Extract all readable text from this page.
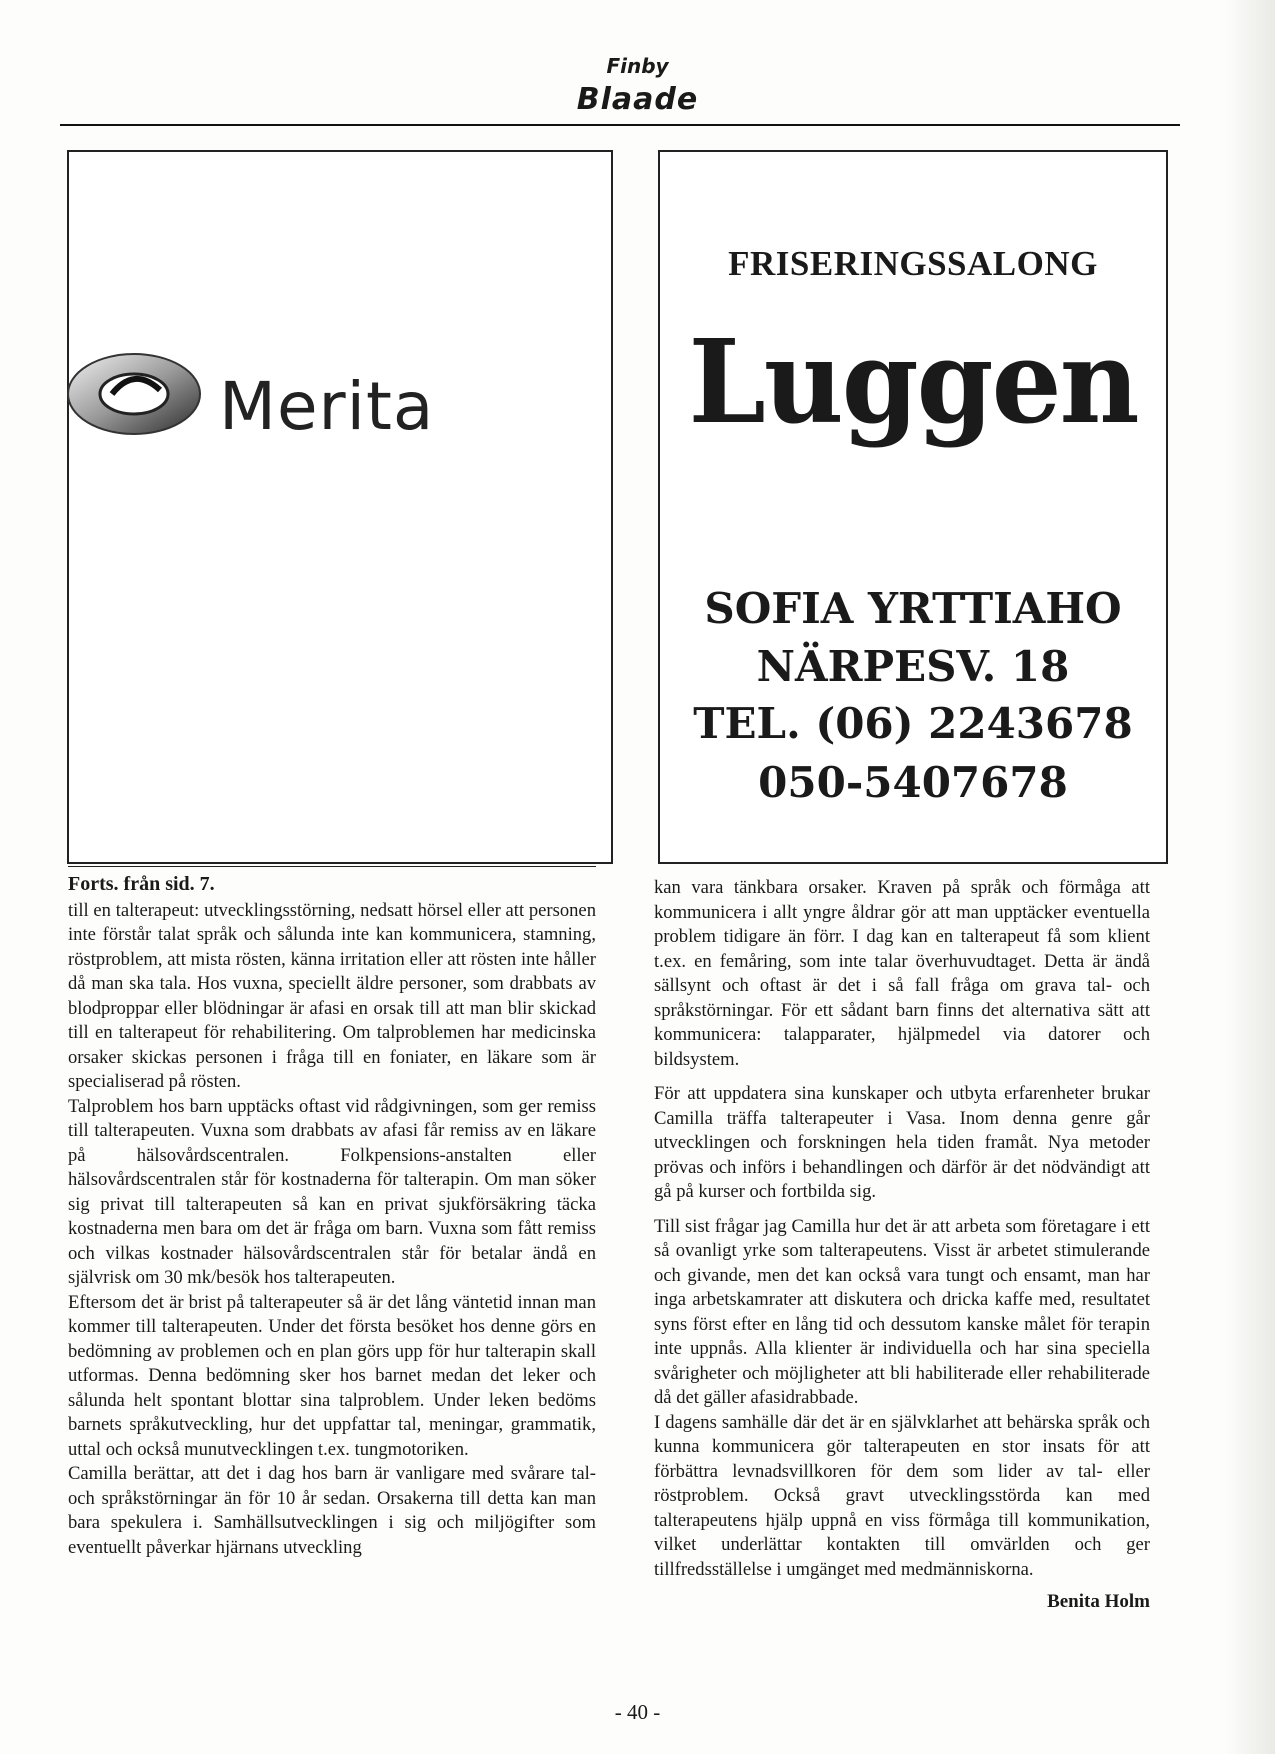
Finby
Blaade
Merita
FRISERINGSSALONG
Luggen
SOFIA YRTTIAHO
NÄRPESV. 18
TEL. (06) 2243678
050-5407678
Forts. från sid. 7.

till en talterapeut: utvecklingsstörning, nedsatt hörsel eller att personen inte förstår talat språk och sålunda inte kan kommunicera, stamning, röstproblem, att mista rösten, känna irritation eller att rösten inte håller då man ska tala. Hos vuxna, speciellt äldre personer, som drabbats av blodproppar eller blödningar är afasi en orsak till att man blir skickad till en talterapeut för rehabilitering. Om talproblemen har medicinska orsaker skickas personen i fråga till en foniater, en läkare som är specialiserad på rösten.

Talproblem hos barn upptäcks oftast vid rådgivningen, som ger remiss till talterapeuten. Vuxna som drabbats av afasi får remiss av en läkare på hälsovårdscentralen. Folkpensions-anstalten eller hälsovårdscentralen står för kostnaderna för talterapin. Om man söker sig privat till talterapeuten så kan en privat sjukförsäkring täcka kostnaderna men bara om det är fråga om barn. Vuxna som fått remiss och vilkas kostnader hälsovårdscentralen står för betalar ändå en självrisk om 30 mk/besök hos talterapeuten.

Eftersom det är brist på talterapeuter så är det lång väntetid innan man kommer till talterapeuten. Under det första besöket hos denne görs en bedömning av problemen och en plan görs upp för hur talterapin skall utformas. Denna bedömning sker hos barnet medan det leker och sålunda helt spontant blottar sina talproblem. Under leken bedöms barnets språkutveckling, hur det uppfattar tal, meningar, grammatik, uttal och också munutvecklingen t.ex. tungmotoriken.

Camilla berättar, att det i dag hos barn är vanligare med svårare tal- och språkstörningar än för 10 år sedan. Orsakerna till detta kan man bara spekulera i. Samhällsutvecklingen i sig och miljögifter som eventuellt påverkar hjärnans utveckling

kan vara tänkbara orsaker. Kraven på språk och förmåga att kommunicera i allt yngre åldrar gör att man upptäcker eventuella problem tidigare än förr. I dag kan en talterapeut få som klient t.ex. en femåring, som inte talar överhuvudtaget. Detta är ändå sällsynt och oftast är det i så fall fråga om grava tal- och språkstörningar. För ett sådant barn finns det alternativa sätt att kommunicera: talapparater, hjälpmedel via datorer och bildsystem.

För att uppdatera sina kunskaper och utbyta erfarenheter brukar Camilla träffa talterapeuter i Vasa. Inom denna genre går utvecklingen och forskningen hela tiden framåt. Nya metoder prövas och införs i behandlingen och därför är det nödvändigt att gå på kurser och fortbilda sig.

Till sist frågar jag Camilla hur det är att arbeta som företagare i ett så ovanligt yrke som talterapeutens. Visst är arbetet stimulerande och givande, men det kan också vara tungt och ensamt, man har inga arbetskamrater att diskutera och dricka kaffe med, resultatet syns först efter en lång tid och dessutom kanske målet för terapin inte uppnås. Alla klienter är individuella och har sina speciella svårigheter och möjligheter att bli habiliterade eller rehabiliterade då det gäller afasidrabbade.

I dagens samhälle där det är en självklarhet att behärska språk och kunna kommunicera gör talterapeuten en stor insats för att förbättra levnadsvillkoren för dem som lider av tal- eller röstproblem. Också gravt utvecklingsstörda kan med talterapeutens hjälp uppnå en viss förmåga till kommunikation, vilket underlättar kontakten till omvärlden och ger tillfredsställelse i umgänget med medmänniskorna.

Benita Holm
- 40 -
